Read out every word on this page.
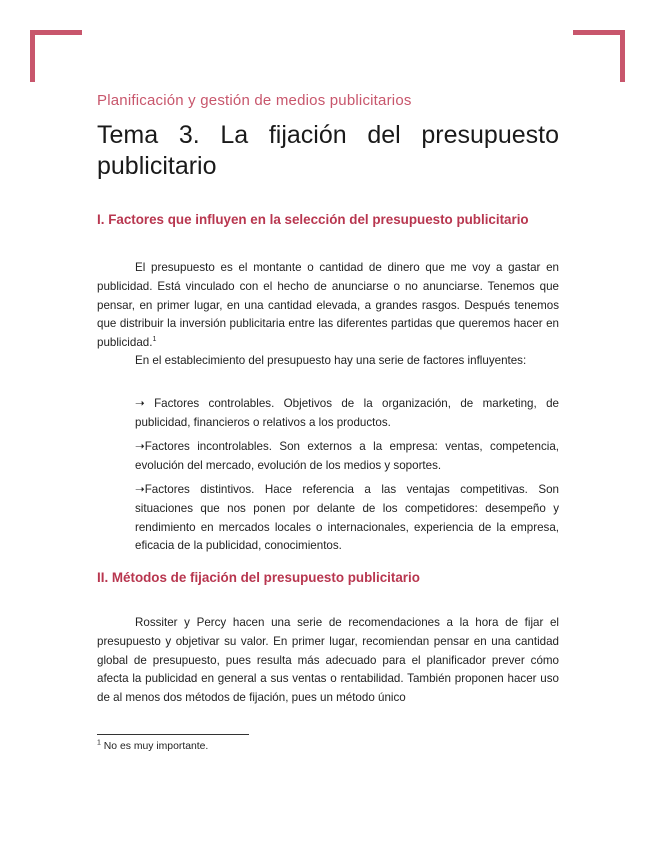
Planificación y gestión de medios publicitarios
Tema 3. La fijación del presupuesto
publicitario
I. Factores que influyen en la selección del presupuesto publicitario
El presupuesto es el montante o cantidad de dinero que me voy a gastar en publicidad. Está vinculado con el hecho de anunciarse o no anunciarse. Tenemos que pensar, en primer lugar, en una cantidad elevada, a grandes rasgos. Después tenemos que distribuir la inversión publicitaria entre las diferentes partidas que queremos hacer en publicidad.$^1$
En el establecimiento del presupuesto hay una serie de factores influyentes:
➝ Factores controlables. Objetivos de la organización, de marketing, de publicidad, financieros o relativos a los productos.
➝Factores incontrolables. Son externos a la empresa: ventas, competencia, evolución del mercado, evolución de los medios y soportes.
➝Factores distintivos. Hace referencia a las ventajas competitivas. Son situaciones que nos ponen por delante de los competidores: desempeño y rendimiento en mercados locales o internacionales, experiencia de la empresa, eficacia de la publicidad, conocimientos.
II. Métodos de fijación del presupuesto publicitario
Rossiter y Percy hacen una serie de recomendaciones a la hora de fijar el presupuesto y objetivar su valor. En primer lugar, recomiendan pensar en una cantidad global de presupuesto, pues resulta más adecuado para el planificador prever cómo afecta la publicidad en general a sus ventas o rentabilidad. También proponen hacer uso de al menos dos métodos de fijación, pues un método único
$^1$ No es muy importante.
